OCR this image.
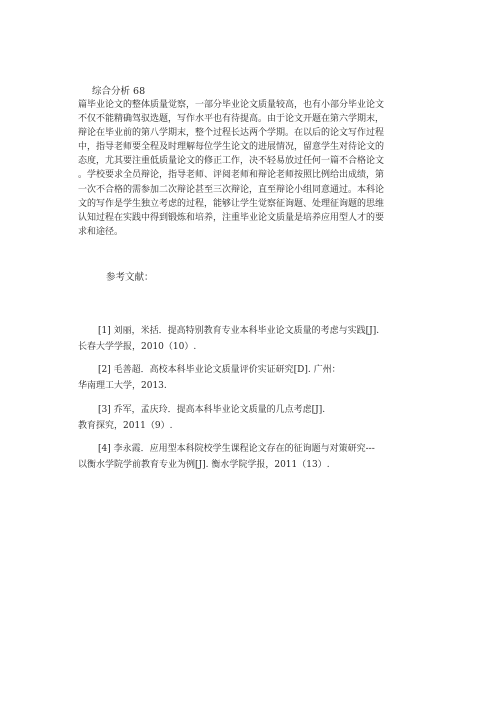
综合分析 68
篇毕业论文的整体质量觉察，一部分毕业论文质量较高，也有小部分毕业论文
不仅不能精确驾驭选题，写作水平也有待提高。由于论文开题在第六学期末，
辩论在毕业前的第八学期末，整个过程长达两个学期。在以后的论文写作过程
中，指导老师要全程及时理解每位学生论文的进展情况，留意学生对待论文的
态度，尤其要注重低质量论文的修正工作，决不轻易放过任何一篇不合格论文
。学校要求全员辩论，指导老师、评阅老师和辩论老师按照比例给出成绩，第
一次不合格的需参加二次辩论甚至三次辩论，直至辩论小组同意通过。本科论
文的写作是学生独立考虑的过程，能够让学生觉察征询题、处理征询题的思维
认知过程在实践中得到锻炼和培养，注重毕业论文质量是培养应用型人才的要
求和途径。
参考文献：
[1] 刘丽，米括．提高特别教育专业本科毕业论文质量的考虑与实践[J].
长春大学学报，2010（10）.
[2] 毛善超．高校本科毕业论文质量评价实证研究[D]. 广州：
华南理工大学，2013.
[3] 乔军，孟庆玲．提高本科毕业论文质量的几点考虑[J].
教育探究，2011（9）.
[4] 李永霞．应用型本科院校学生课程论文存在的征询题与对策研究---
以衡水学院学前教育专业为例[J]. 衡水学院学报，2011（13）.
